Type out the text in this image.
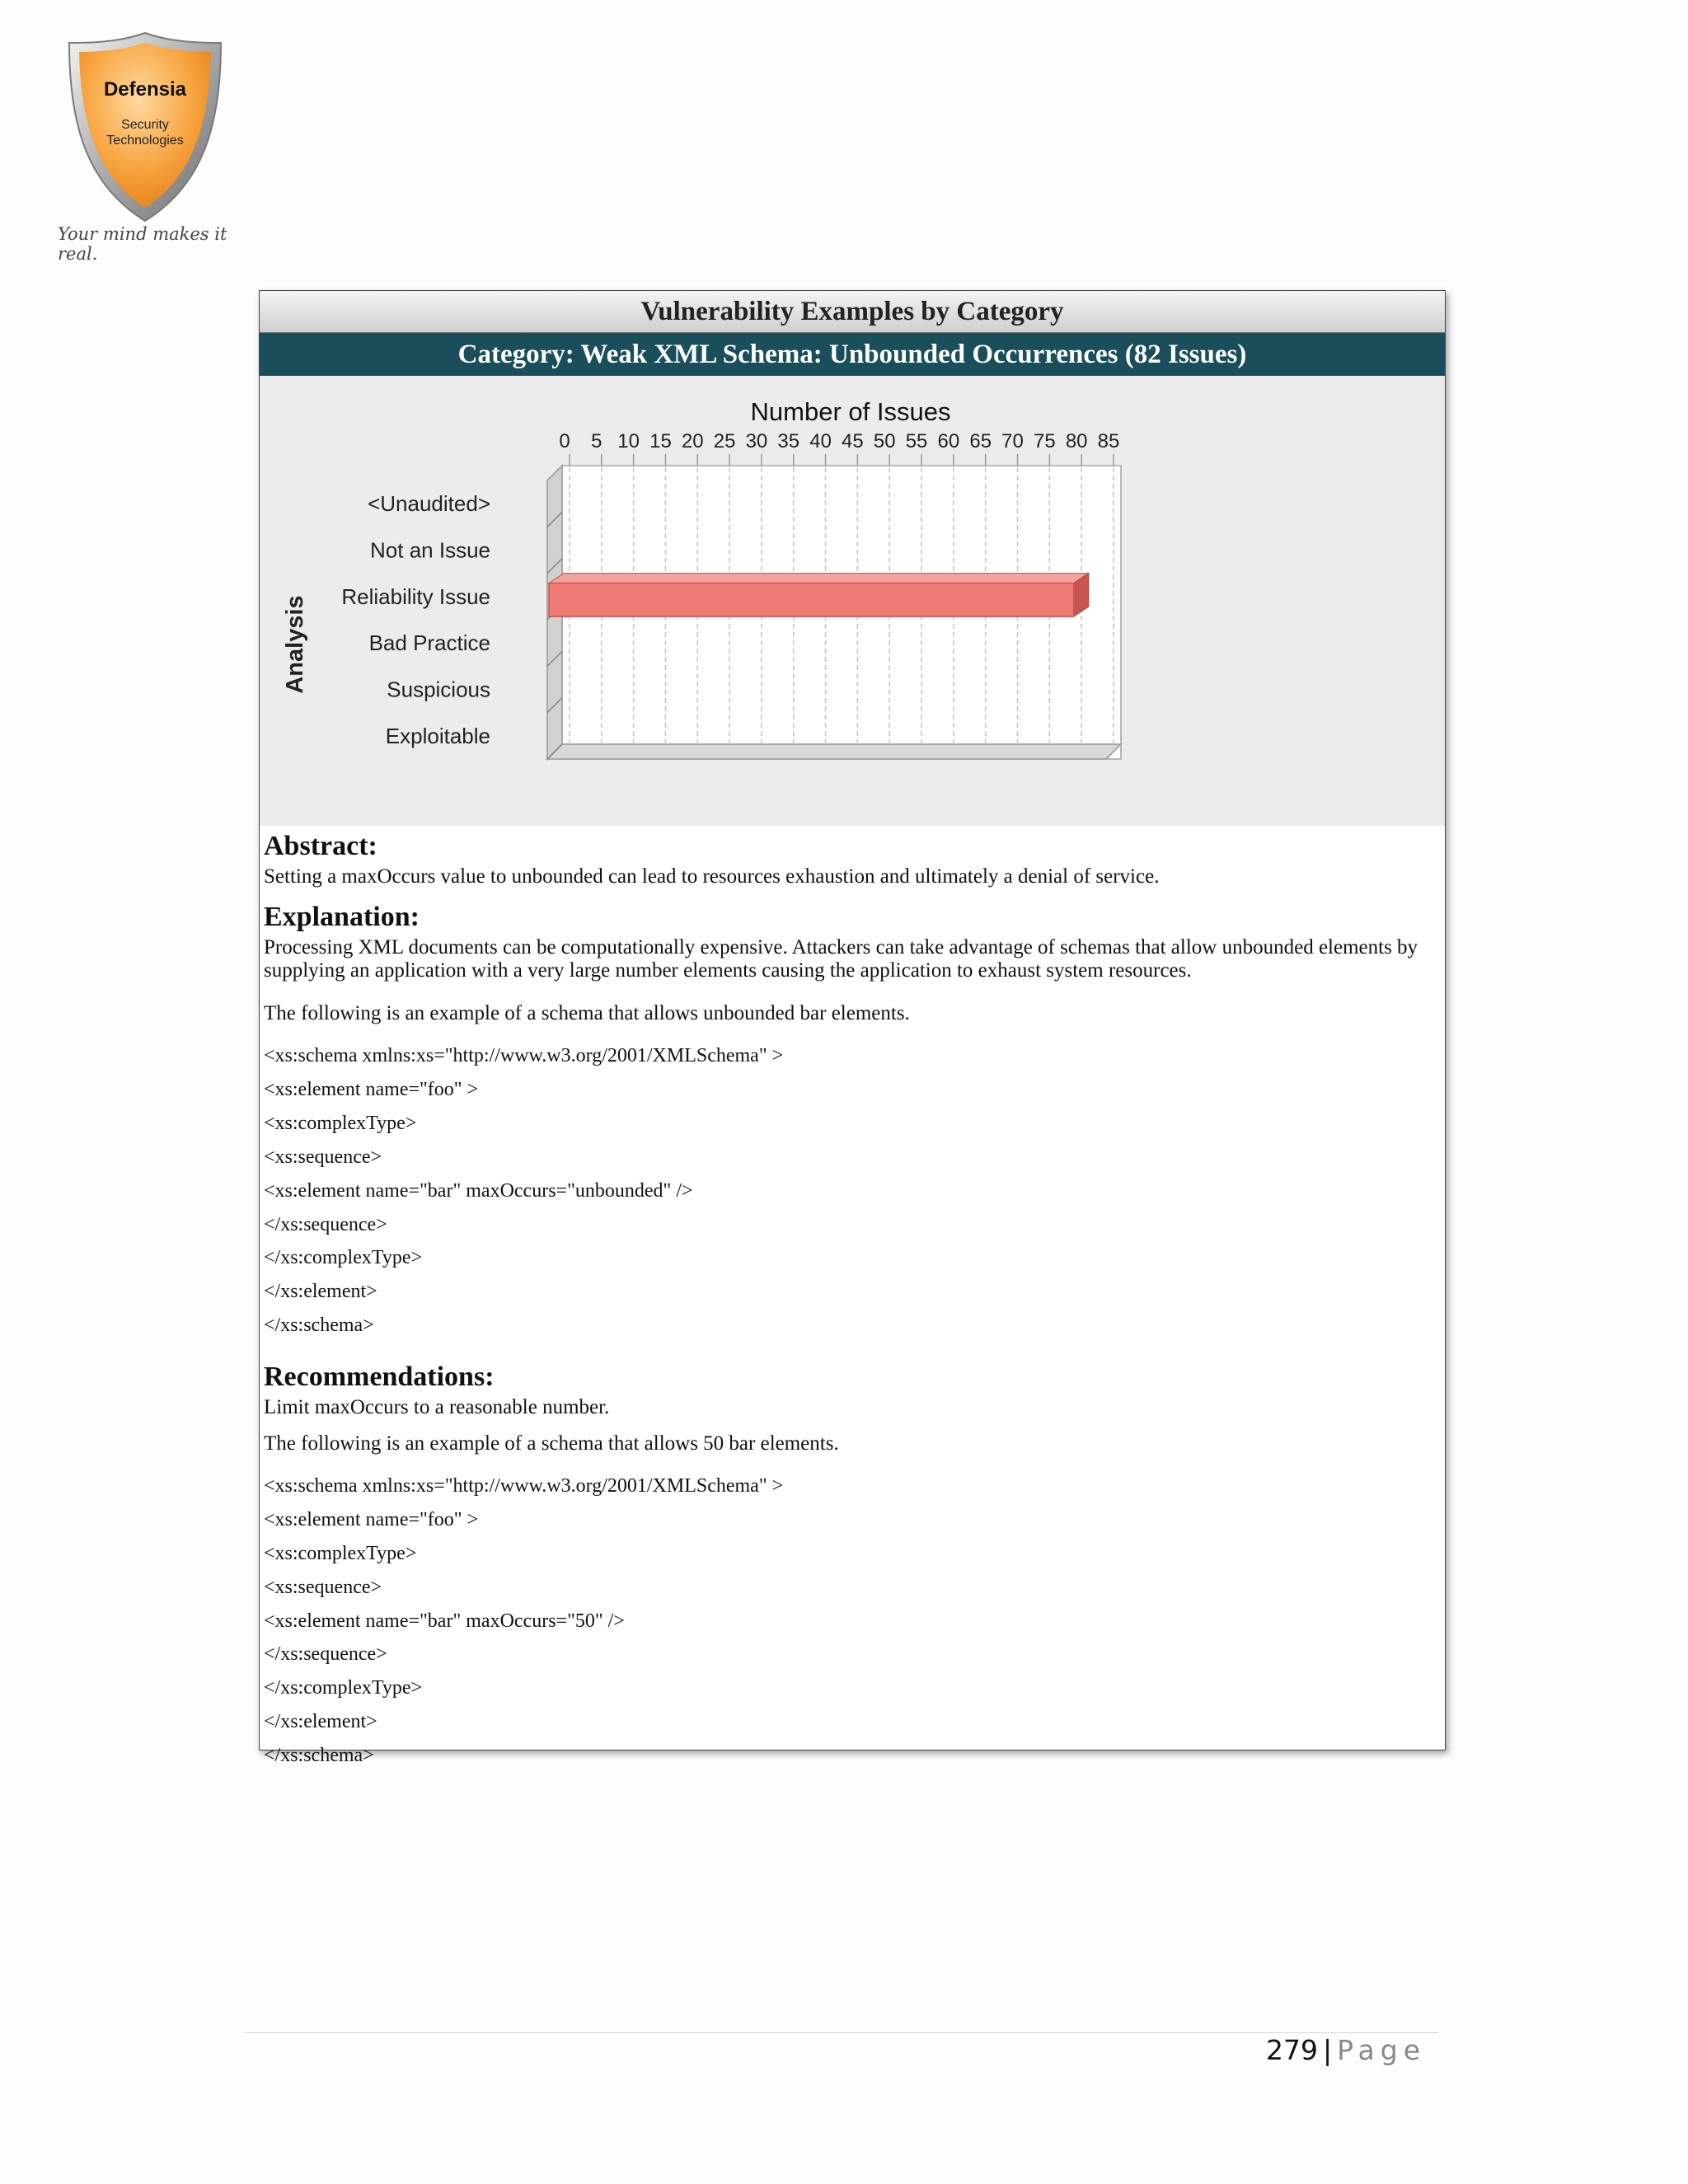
Defensia
Security
Technologies
Your mind makes it real.
Vulnerability Examples by Category
Category: Weak XML Schema: Unbounded Occurrences (82 Issues)
0 5 10 15 20 25 30 35 40 45 50 55 60 65 70 75 80 85
Number of Issues
Analysis
<Unaudited>
Not an Issue
Reliability Issue
Bad Practice
Suspicious
Exploitable
Abstract:
Setting a maxOccurs value to unbounded can lead to resources exhaustion and ultimately a denial of service.
Explanation:
Processing XML documents can be computationally expensive. Attackers can take advantage of schemas that allow unbounded elements by supplying an application with a very large number elements causing the application to exhaust system resources.
The following is an example of a schema that allows unbounded bar elements.
<xs:schema xmlns:xs="http://www.w3.org/2001/XMLSchema" >
<xs:element name="foo" >
<xs:complexType>
<xs:sequence>
<xs:element name="bar" maxOccurs="unbounded" />
</xs:sequence>
</xs:complexType>
</xs:element>
</xs:schema>
Recommendations:
Limit maxOccurs to a reasonable number.
The following is an example of a schema that allows 50 bar elements.
<xs:schema xmlns:xs="http://www.w3.org/2001/XMLSchema" >
<xs:element name="foo" >
<xs:complexType>
<xs:sequence>
<xs:element name="bar" maxOccurs="50" />
</xs:sequence>
</xs:complexType>
</xs:element>
</xs:schema>
279 | Page
